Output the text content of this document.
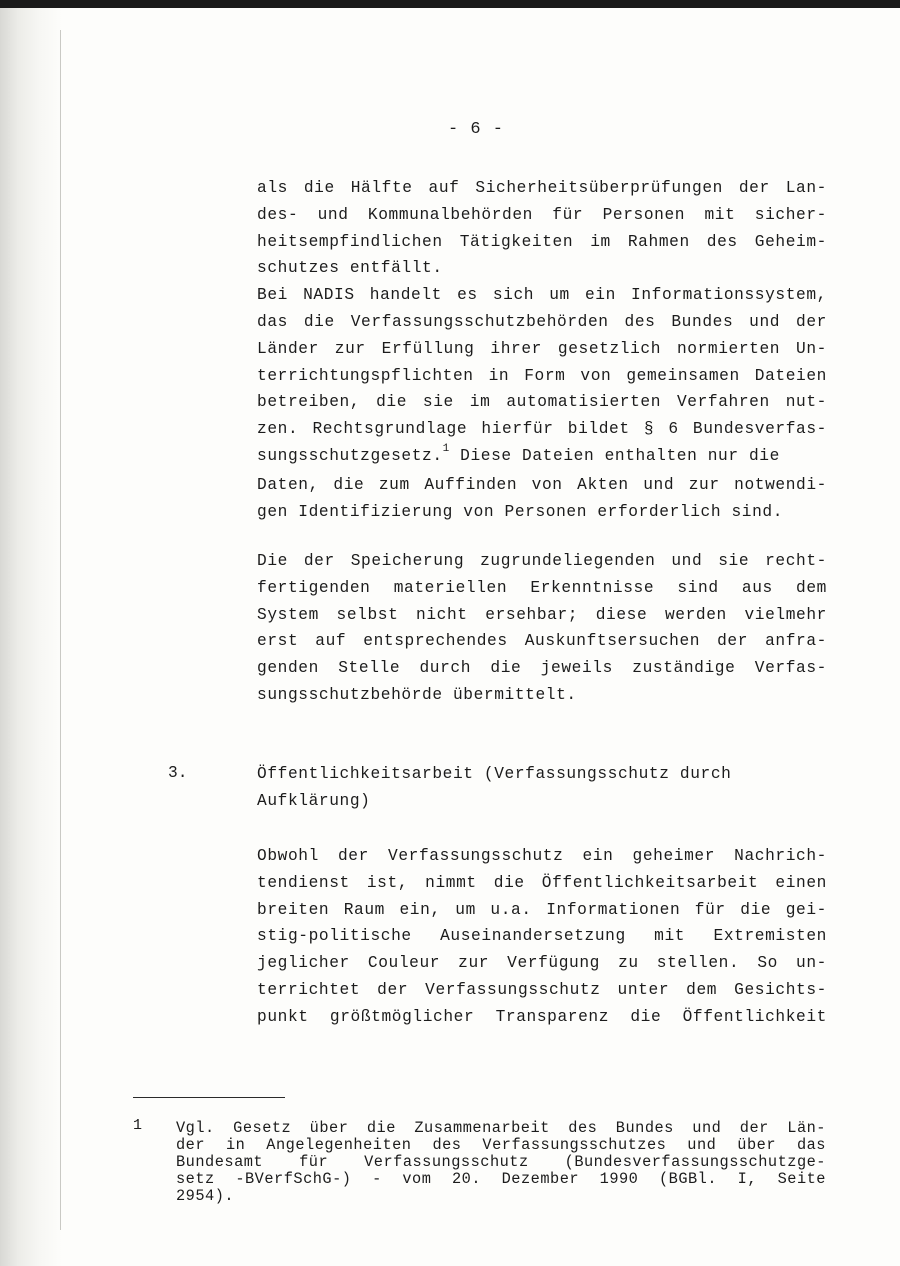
- 6 -
als die Hälfte auf Sicherheitsüberprüfungen der Lan-
des- und Kommunalbehörden für Personen mit sicher-
heitsempfindlichen Tätigkeiten im Rahmen des Geheim-
schutzes entfällt.
Bei NADIS handelt es sich um ein Informationssystem,
das die Verfassungsschutzbehörden des Bundes und der
Länder zur Erfüllung ihrer gesetzlich normierten Un-
terrichtungspflichten in Form von gemeinsamen Dateien
betreiben, die sie im automatisierten Verfahren nut-
zen. Rechtsgrundlage hierfür bildet § 6 Bundesverfas-
sungsschutzgesetz.$^1$ Diese Dateien enthalten nur die
Daten, die zum Auffinden von Akten und zur notwendi-
gen Identifizierung von Personen erforderlich sind.
Die der Speicherung zugrundeliegenden und sie recht-
fertigenden materiellen Erkenntnisse sind aus dem
System selbst nicht ersehbar; diese werden vielmehr
erst auf entsprechendes Auskunftsersuchen der anfra-
genden Stelle durch die jeweils zuständige Verfas-
sungsschutzbehörde übermittelt.
3.	Öffentlichkeitsarbeit (Verfassungsschutz durch
Aufklärung)
Obwohl der Verfassungsschutz ein geheimer Nachrich-
tendienst ist, nimmt die Öffentlichkeitsarbeit einen
breiten Raum ein, um u.a. Informationen für die gei-
stig-politische Auseinandersetzung mit Extremisten
jeglicher Couleur zur Verfügung zu stellen. So un-
terrichtet der Verfassungsschutz unter dem Gesichts-
punkt größtmöglicher Transparenz die Öffentlichkeit
1 Vgl. Gesetz über die Zusammenarbeit des Bundes und der Län-
der in Angelegenheiten des Verfassungsschutzes und über das
Bundesamt für Verfassungsschutz (Bundesverfassungsschutzge-
setz -BVerfSchG-) - vom 20. Dezember 1990 (BGBl. I, Seite
2954).
